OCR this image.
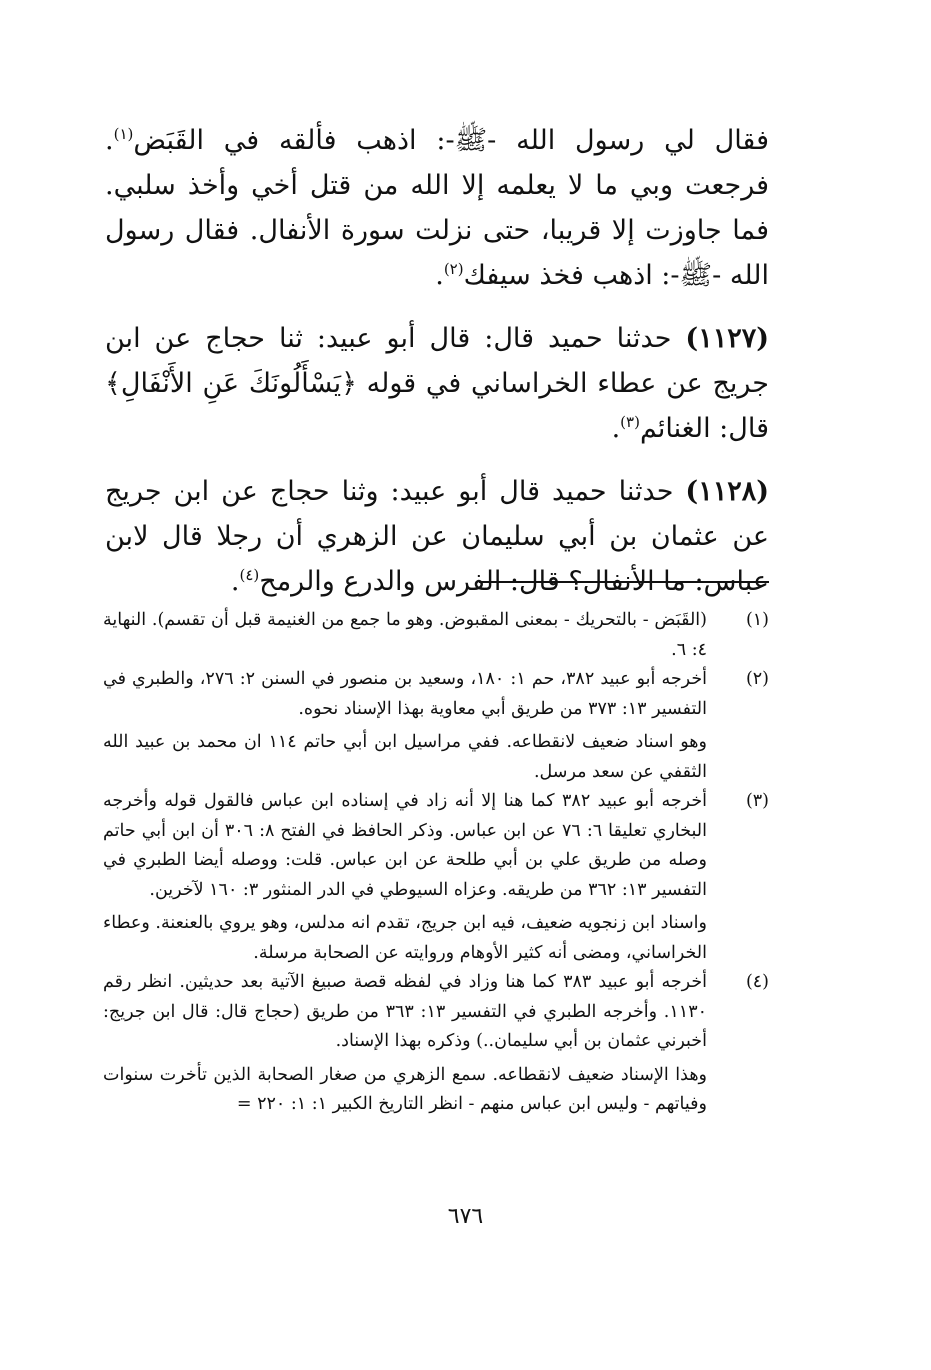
فقال لي رسول الله -ﷺ-: اذهب فألقه في القَبَض$^{(١)}$. فرجعت وبي ما لا يعلمه إلا الله من قتل أخي وأخذ سلبي. فما جاوزت إلا قريبا، حتى نزلت سورة الأنفال. فقال رسول الله -ﷺ-: اذهب فخذ سيفك$^{(٢)}$.

(١١٢٧) حدثنا حميد قال: قال أبو عبيد: ثنا حجاج عن ابن جريج عن عطاء الخراساني في قوله ﴿يَسْأَلُونَكَ عَنِ الأَنْفَالِ﴾ قال: الغنائم$^{(٣)}$.

(١١٢٨) حدثنا حميد قال أبو عبيد: وثنا حجاج عن ابن جريج عن عثمان بن أبي سليمان عن الزهري أن رجلا قال لابن عباس: ما الأنفال؟ قال: الفرس والدرع والرمح$^{(٤)}$.

(١)
(القَبَض - بالتحريك - بمعنى المقبوض. وهو ما جمع من الغنيمة قبل أن تقسم). النهاية ٤: ٦.
(٢)
أخرجه أبو عبيد ٣٨٢، حم ١: ١٨٠، وسعيد بن منصور في السنن ٢: ٢٧٦، والطبري في التفسير ١٣: ٣٧٣ من طريق أبي معاوية بهذا الإسناد نحوه.
وهو اسناد ضعيف لانقطاعه. ففي مراسيل ابن أبي حاتم ١١٤ ان محمد بن عبيد الله الثقفي عن سعد مرسل.
(٣)
أخرجه أبو عبيد ٣٨٢ كما هنا إلا أنه زاد في إسناده ابن عباس فالقول قوله وأخرجه البخاري تعليقا ٦: ٧٦ عن ابن عباس. وذكر الحافظ في الفتح ٨: ٣٠٦ أن ابن أبي حاتم وصله من طريق علي بن أبي طلحة عن ابن عباس. قلت: ووصله أيضا الطبري في التفسير ١٣: ٣٦٢ من طريقه. وعزاه السيوطي في الدر المنثور ٣: ١٦٠ لآخرين.
واسناد ابن زنجويه ضعيف، فيه ابن جريج، تقدم انه مدلس، وهو يروي بالعنعنة. وعطاء الخراساني، ومضى أنه كثير الأوهام وروايته عن الصحابة مرسلة.
(٤)
أخرجه أبو عبيد ٣٨٣ كما هنا وزاد في لفظه قصة صبيغ الآتية بعد حديثين. انظر رقم ١١٣٠. وأخرجه الطبري في التفسير ١٣: ٣٦٣ من طريق (حجاج قال: قال ابن جريج: أخبرني عثمان بن أبي سليمان..) وذكره بهذا الإسناد.
وهذا الإسناد ضعيف لانقطاعه. سمع الزهري من صغار الصحابة الذين تأخرت سنوات وفياتهم - وليس ابن عباس منهم - انظر التاريخ الكبير ١: ١: ٢٢٠ =
٦٧٦
